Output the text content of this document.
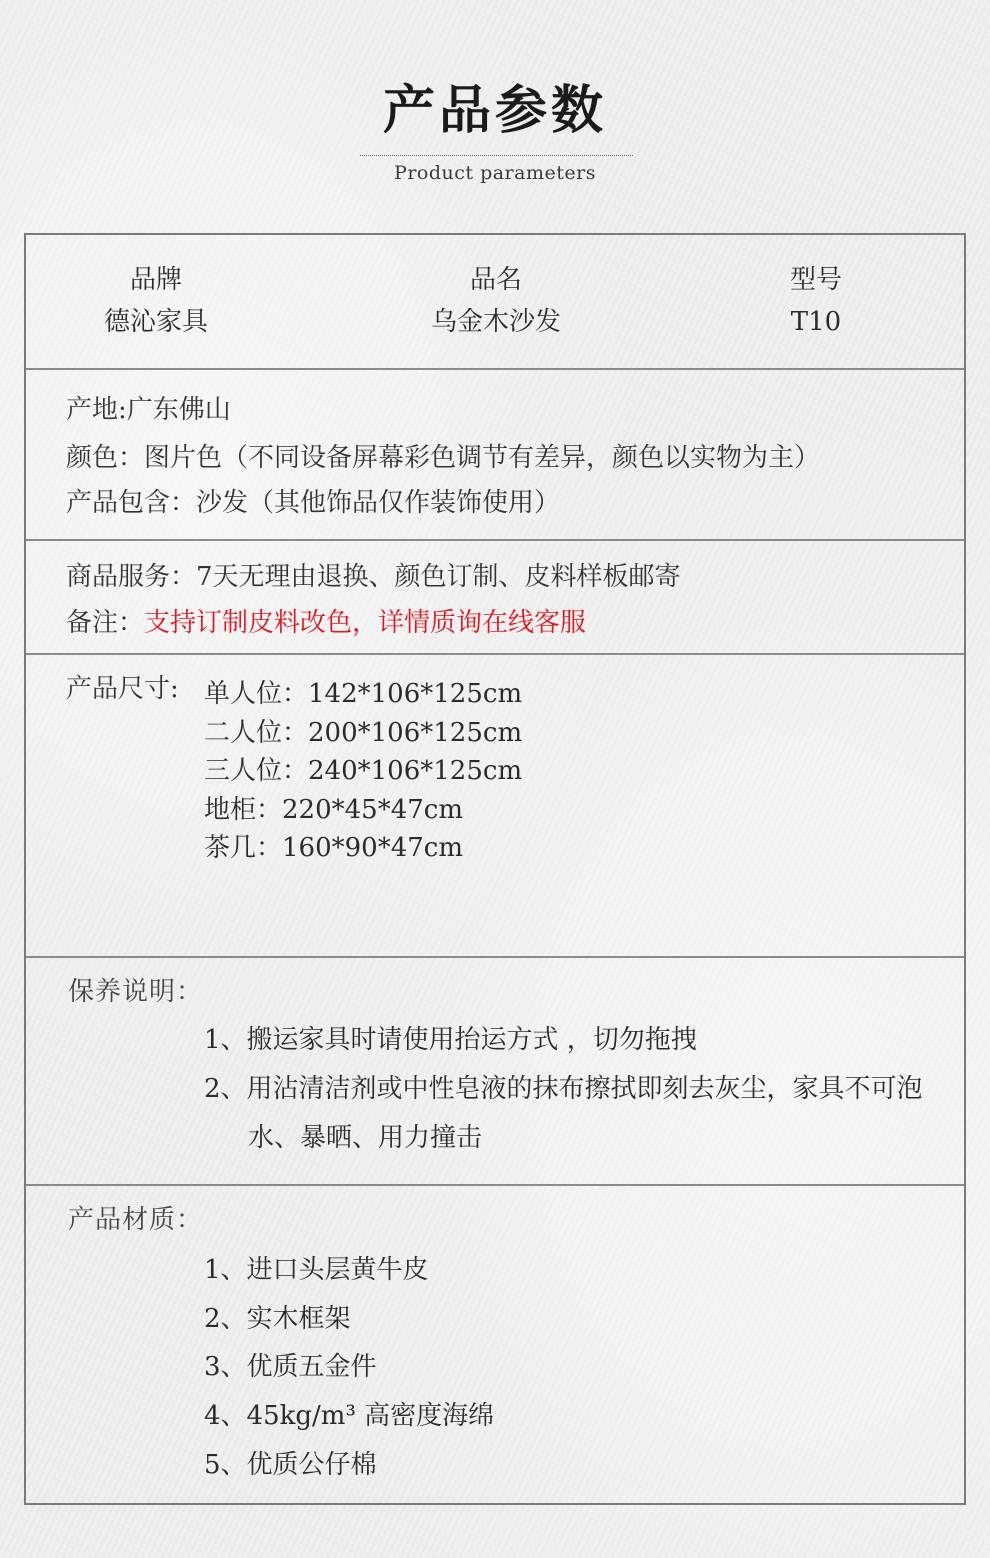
产品参数
Product parameters
品牌
德沁家具
品名
乌金木沙发
型号
T10
产地:广东佛山
颜色：图片色（不同设备屏幕彩色调节有差异，颜色以实物为主）
产品包含：沙发（其他饰品仅作装饰使用）
商品服务：7天无理由退换、颜色订制、皮料样板邮寄
备注：支持订制皮料改色，详情质询在线客服
产品尺寸: 单人位：142*106*125cm
二人位：200*106*125cm
三人位：240*106*125cm
地柜：220*45*47cm
茶几：160*90*47cm
保养说明：
1、搬运家具时请使用抬运方式 ，切勿拖拽
2、用沾清洁剂或中性皂液的抹布擦拭即刻去灰尘，家具不可泡水、暴晒、用力撞击
产品材质：
1、进口头层黄牛皮
2、实木框架
3、优质五金件
4、45kg/m³ 高密度海绵
5、优质公仔棉
